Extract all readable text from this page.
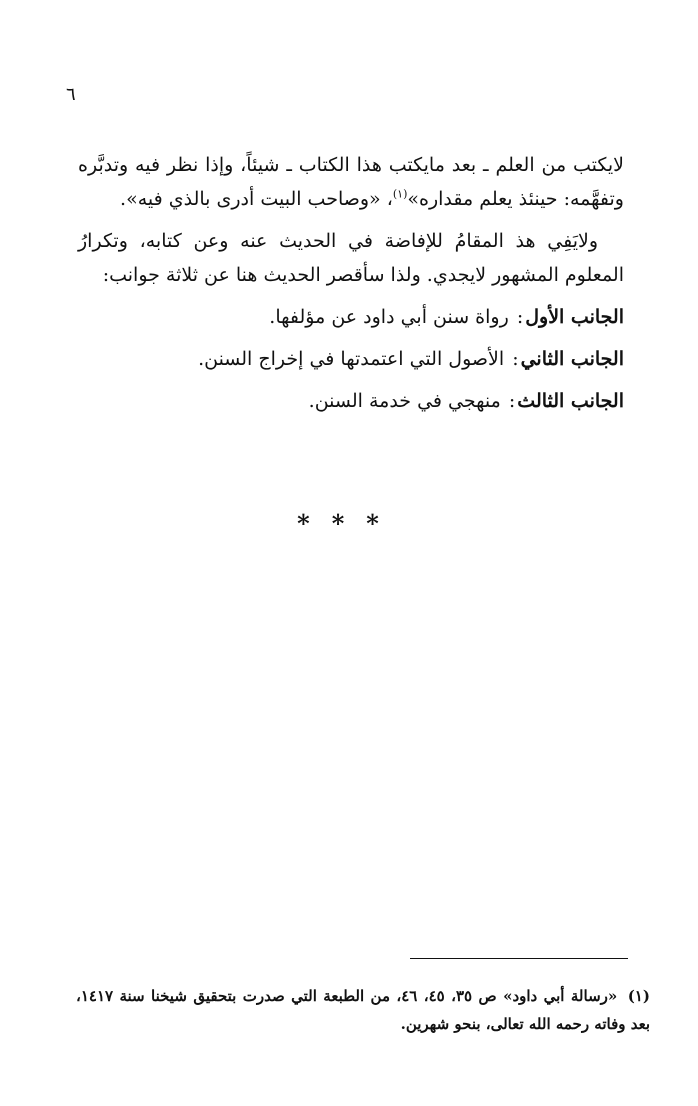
٦

لايكتب من العلم ـ بعد مايكتب هذا الكتاب ـ شيئاً، وإذا نظر فيه وتدبَّره وتفهَّمه: حينئذ يعلم مقداره»$^{(١)}$، «وصاحب البيت أدرى بالذي فيه».

ولايَفِي هذ المقامُ للإفاضة في الحديث عنه وعن كتابه، وتكرارُ المعلوم المشهور لايجدي. ولذا سأقصر الحديث هنا عن ثلاثة جوانب:

الجانب الأول: رواة سنن أبي داود عن مؤلفها.

الجانب الثاني: الأصول التي اعتمدتها في إخراج السنن.

الجانب الثالث: منهجي في خدمة السنن.

***
(١) «رسالة أبي داود» ص ٣٥، ٤٥، ٤٦، من الطبعة التي صدرت بتحقيق شيخنا سنة ١٤١٧، بعد وفاته رحمه الله تعالى، بنحو شهرين.
